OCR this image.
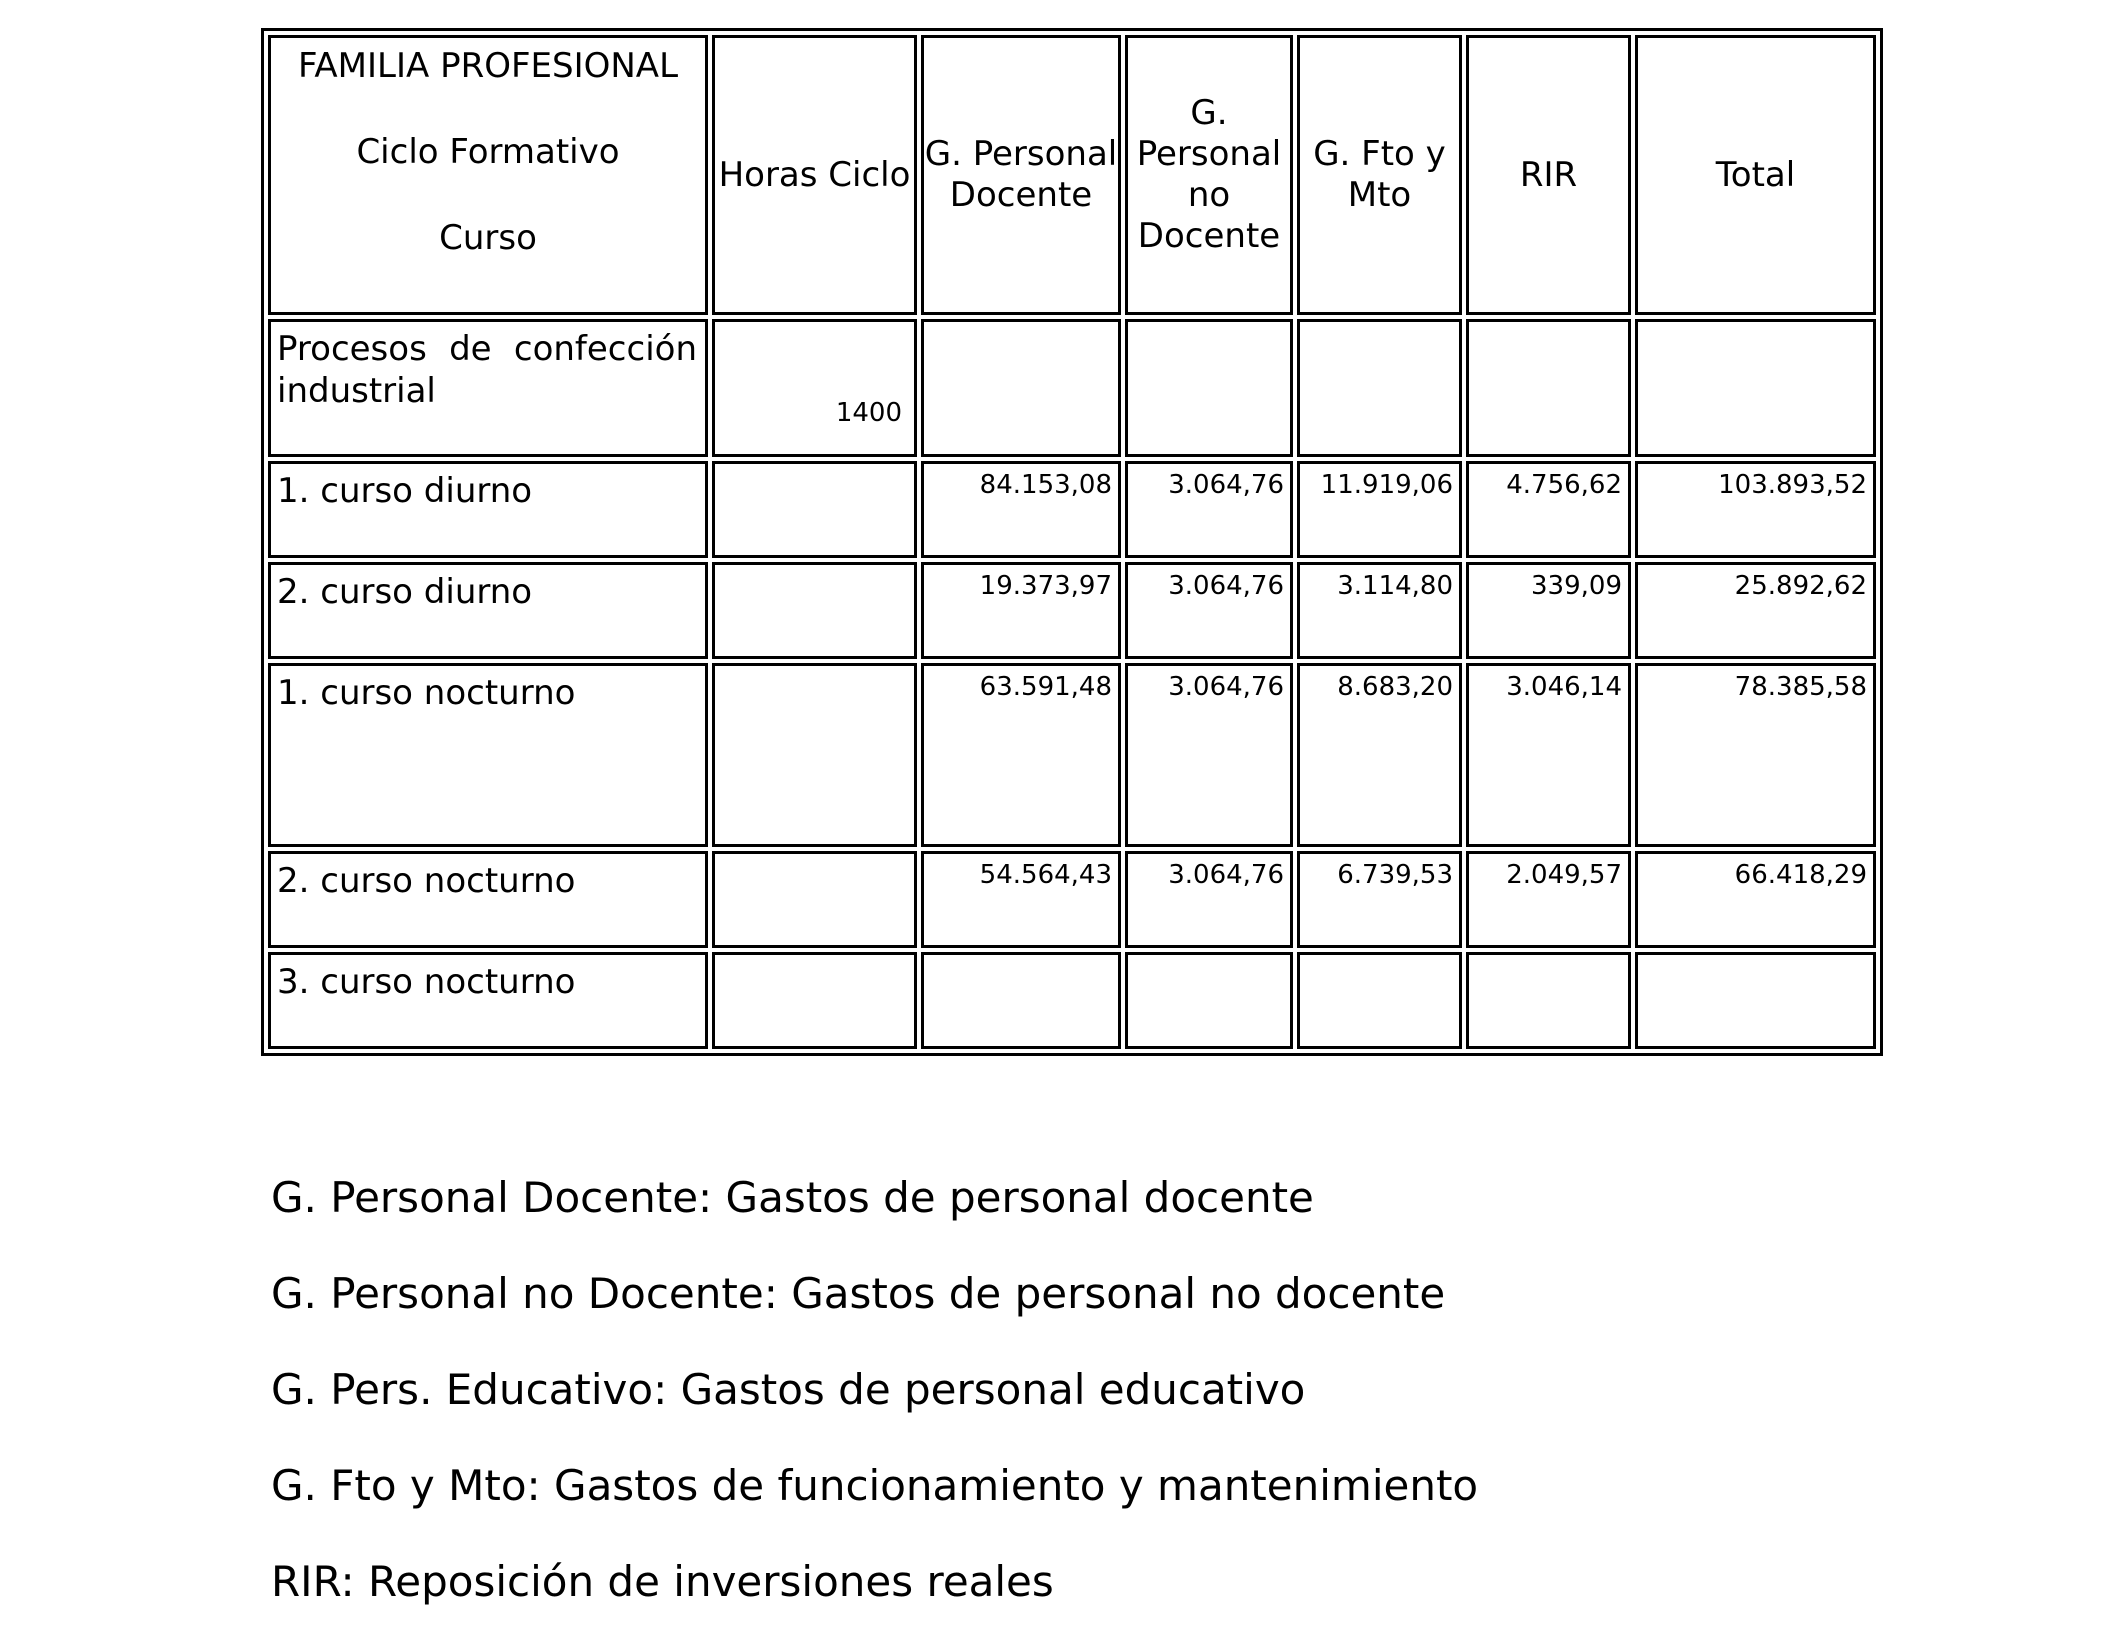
FAMILIA PROFESIONAL
Ciclo Formativo
Curso	Horas Ciclo	G. Personal Docente	G. Personal no Docente	G. Fto y Mto	RIR	Total
Procesos de confección industrial	1400					
1. curso diurno		84.153,08	3.064,76	11.919,06	4.756,62	103.893,52
2. curso diurno		19.373,97	3.064,76	3.114,80	339,09	25.892,62
1. curso nocturno		63.591,48	3.064,76	8.683,20	3.046,14	78.385,58
2. curso nocturno		54.564,43	3.064,76	6.739,53	2.049,57	66.418,29
3. curso nocturno						
G. Personal Docente: Gastos de personal docente
G. Personal no Docente: Gastos de personal no docente
G. Pers. Educativo: Gastos de personal educativo
G. Fto y Mto: Gastos de funcionamiento y mantenimiento
RIR: Reposición de inversiones reales
